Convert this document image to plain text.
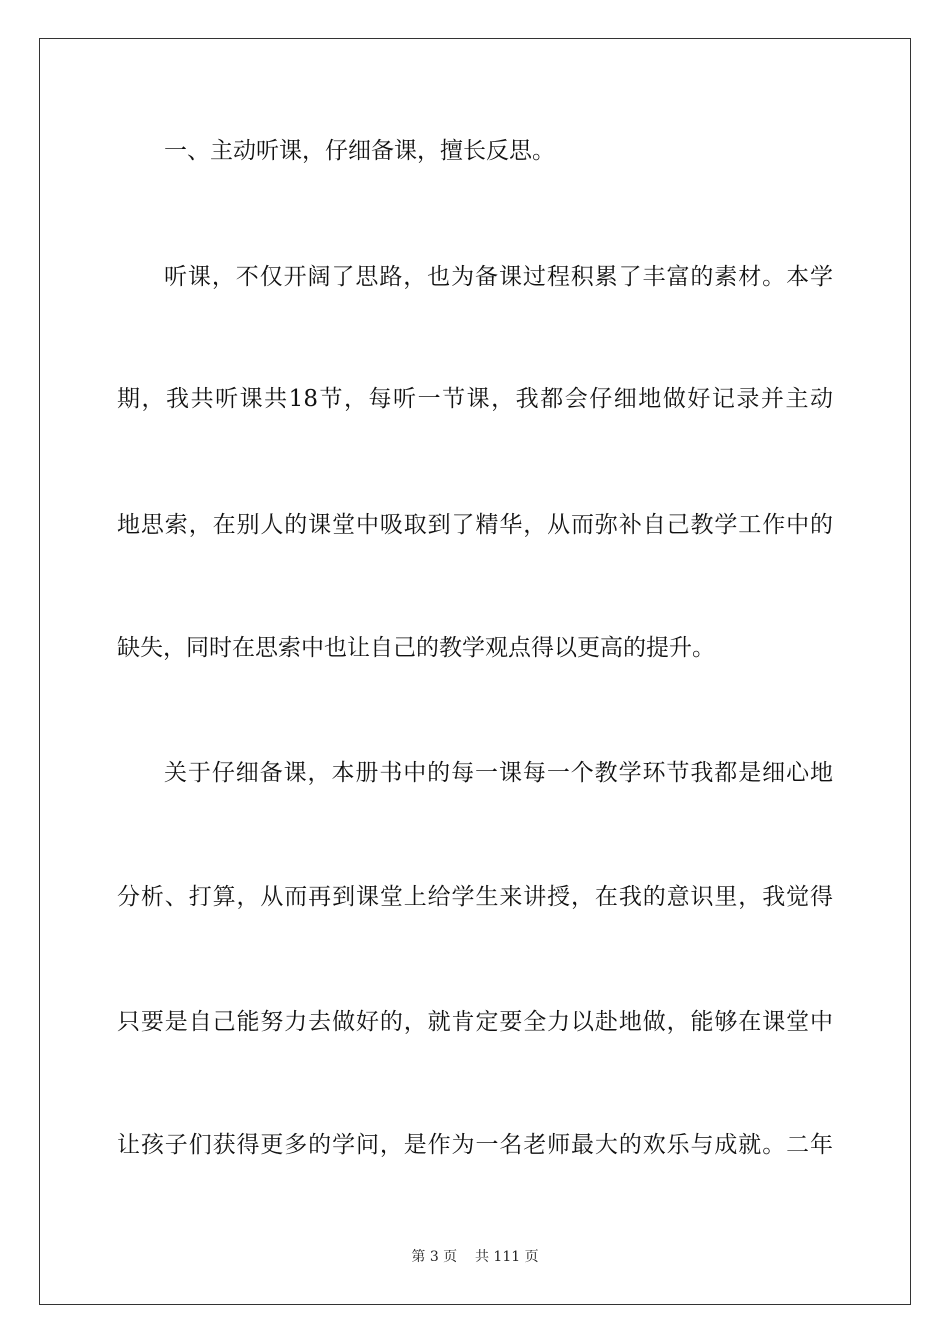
一、主动听课，仔细备课，擅长反思。
听课，不仅开阔了思路，也为备课过程积累了丰富的素材。本学
期，我共听课共18节，每听一节课，我都会仔细地做好记录并主动
地思索，在别人的课堂中吸取到了精华，从而弥补自己教学工作中的
缺失，同时在思索中也让自己的教学观点得以更高的提升。
关于仔细备课，本册书中的每一课每一个教学环节我都是细心地
分析、打算，从而再到课堂上给学生来讲授，在我的意识里，我觉得
只要是自己能努力去做好的，就肯定要全力以赴地做，能够在课堂中
让孩子们获得更多的学问，是作为一名老师最大的欢乐与成就。二年
第 3 页    共 111 页
